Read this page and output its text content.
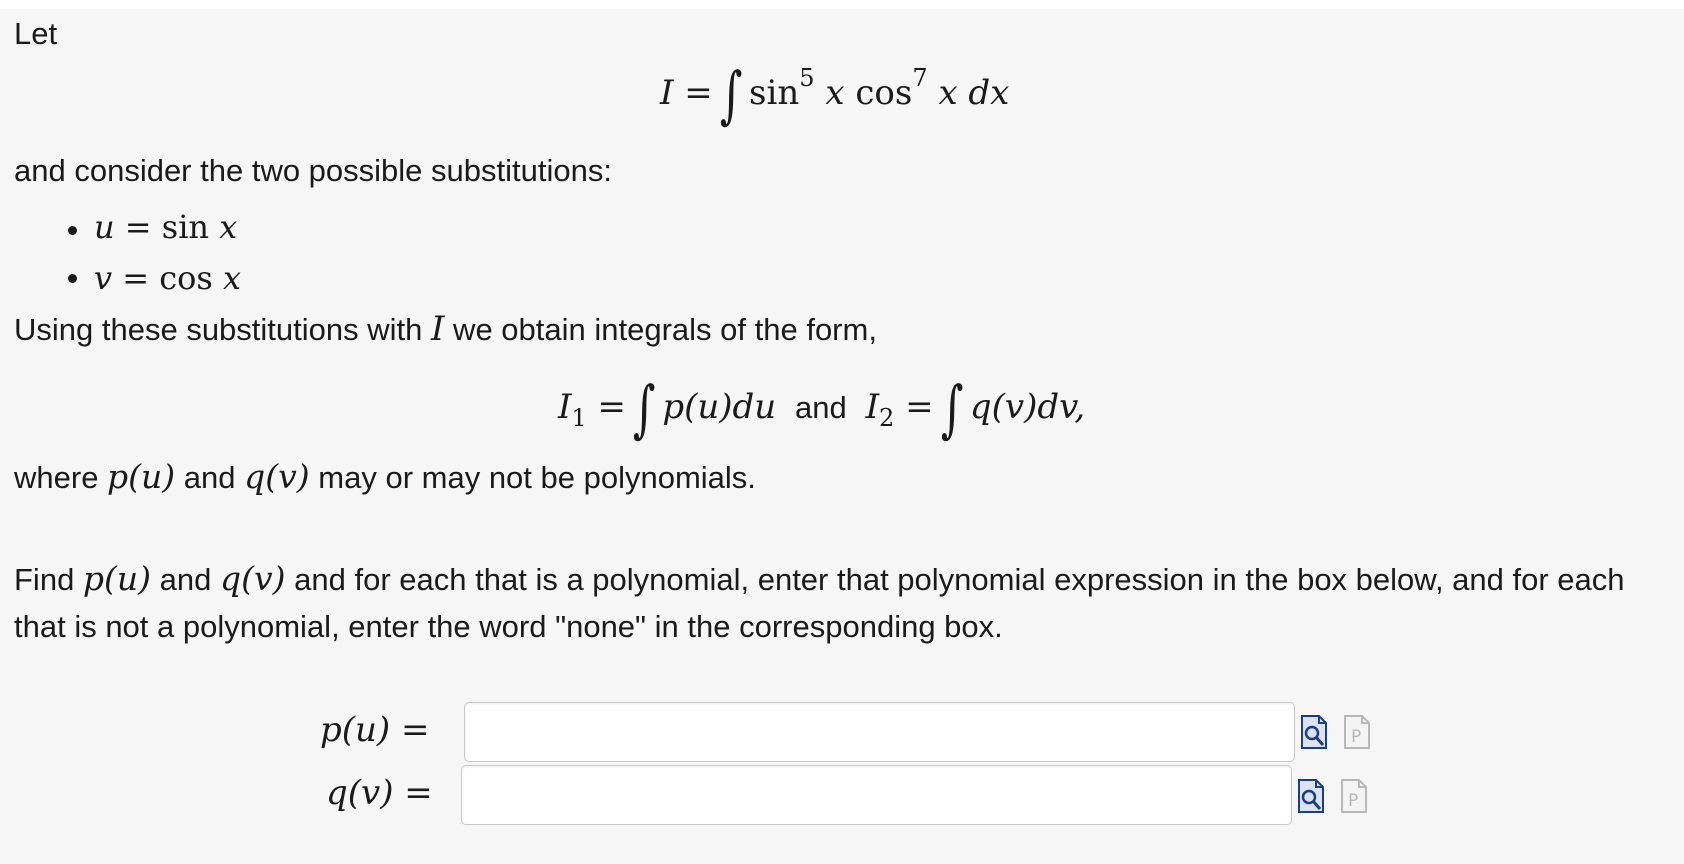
Let
I = ∫ $\sin^5 x$ $\cos^7 x$ dx
and consider the two possible substitutions:
u = sin x
v = cos x
Using these substitutions with I we obtain integrals of the form,
$I_1$ = ∫ p(u)du and $I_2$ = ∫ q(v)dv,
where p(u) and q(v) may or may not be polynomials.
Find p(u) and q(v) and for each that is a polynomial, enter that polynomial expression in the box below, and for each
that is not a polynomial, enter the word "none" in the corresponding box.
p(u) =	P
q(v) =	P
